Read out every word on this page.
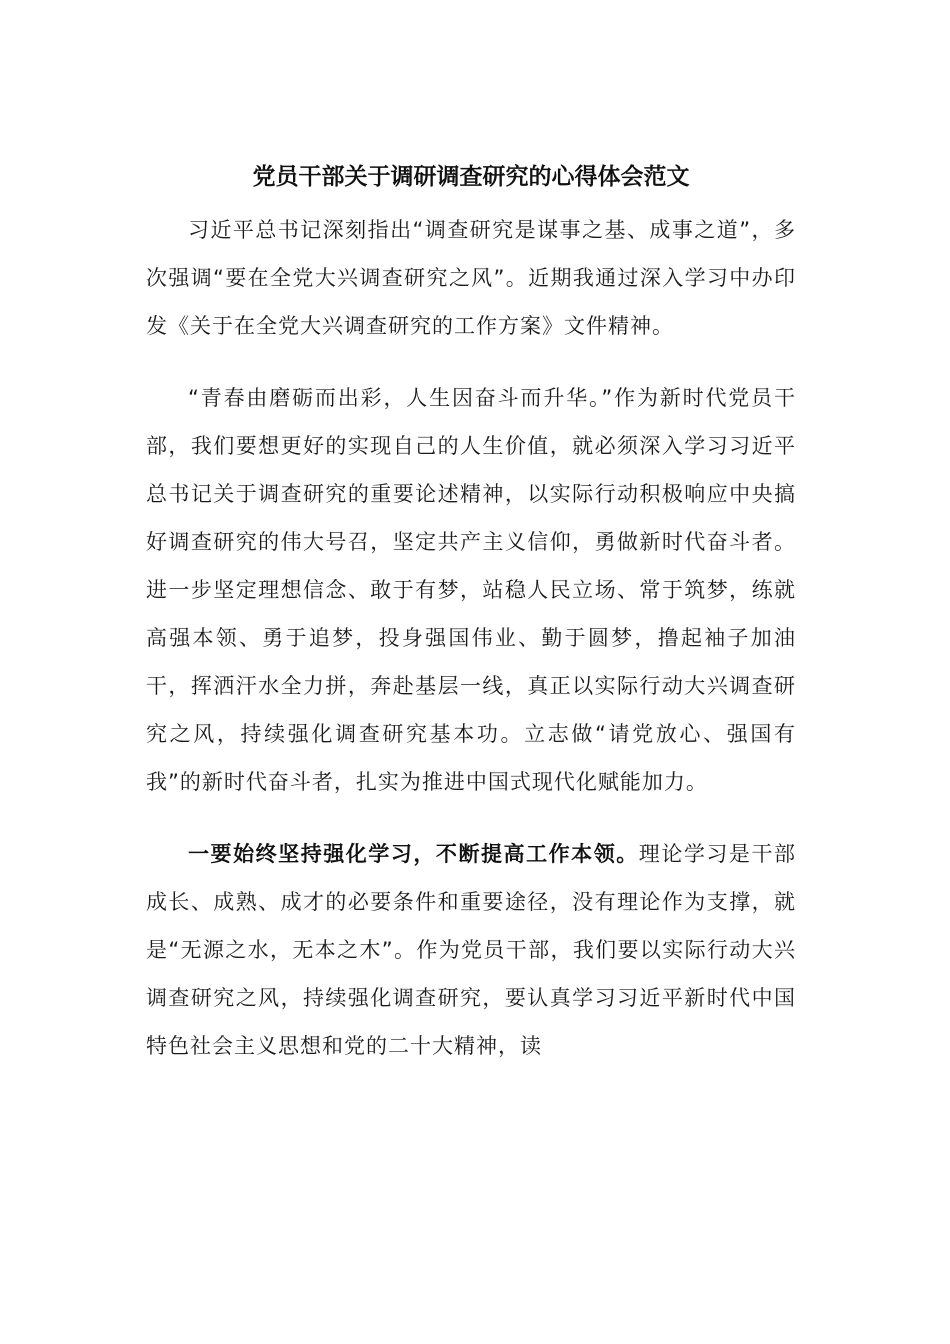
党员干部关于调研调查研究的心得体会范文

习近平总书记深刻指出“调查研究是谋事之基、成事之道”，多次强调“要在全党大兴调查研究之风”。近期我通过深入学习中办印发《关于在全党大兴调查研究的工作方案》文件精神。

“青春由磨砺而出彩，人生因奋斗而升华。”作为新时代党员干部，我们要想更好的实现自己的人生价值，就必须深入学习习近平总书记关于调查研究的重要论述精神，以实际行动积极响应中央搞好调查研究的伟大号召，坚定共产主义信仰，勇做新时代奋斗者。进一步坚定理想信念、敢于有梦，站稳人民立场、常于筑梦，练就高强本领、勇于追梦，投身强国伟业、勤于圆梦，撸起袖子加油干，挥洒汗水全力拼，奔赴基层一线，真正以实际行动大兴调查研究之风，持续强化调查研究基本功。立志做“请党放心、强国有我”的新时代奋斗者，扎实为推进中国式现代化赋能加力。

一要始终坚持强化学习，不断提高工作本领。理论学习是干部成长、成熟、成才的必要条件和重要途径，没有理论作为支撑，就是“无源之水，无本之木”。作为党员干部，我们要以实际行动大兴调查研究之风，持续强化调查研究，要认真学习习近平新时代中国特色社会主义思想和党的二十大精神，读
